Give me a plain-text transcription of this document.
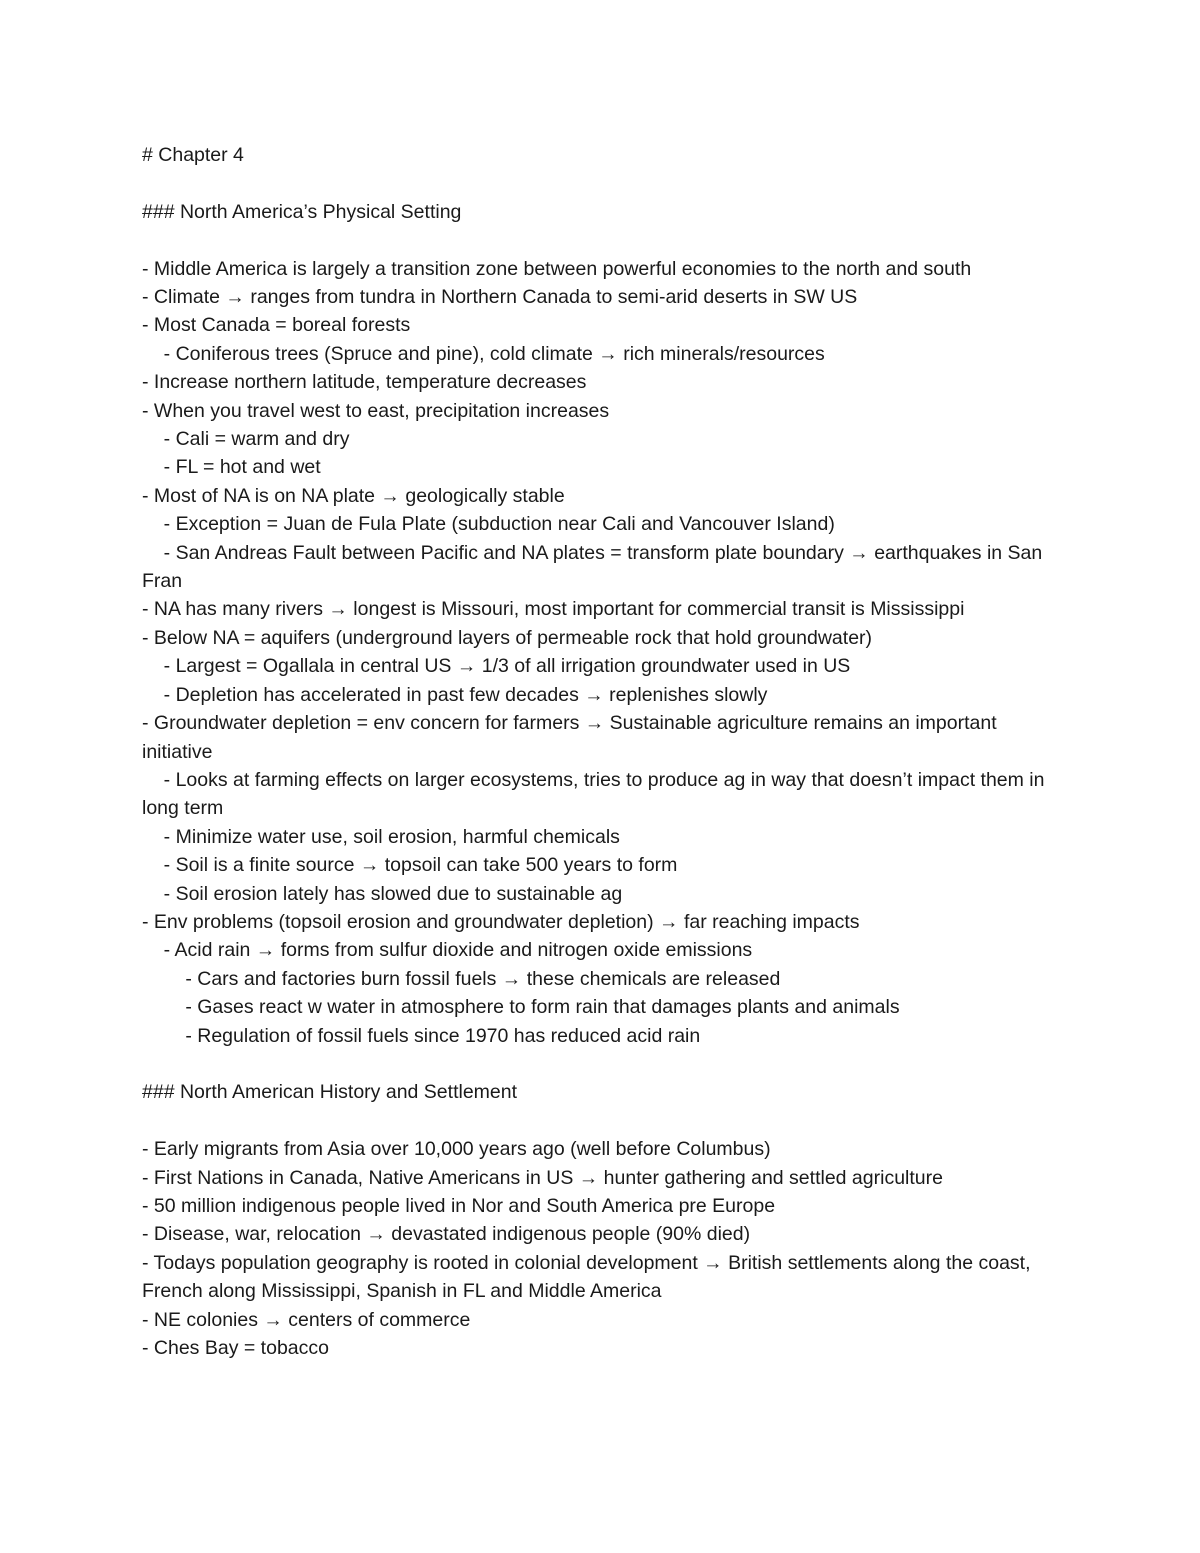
# Chapter 4
### North America’s Physical Setting
- Middle America is largely a transition zone between powerful economies to the north and south
- Climate → ranges from tundra in Northern Canada to semi-arid deserts in SW US
- Most Canada = boreal forests
- Coniferous trees (Spruce and pine), cold climate → rich minerals/resources
- Increase northern latitude, temperature decreases
- When you travel west to east, precipitation increases
- Cali = warm and dry
- FL = hot and wet
- Most of NA is on NA plate → geologically stable
- Exception = Juan de Fula Plate (subduction near Cali and Vancouver Island)
- San Andreas Fault between Pacific and NA plates = transform plate boundary → earthquakes in San Fran
- NA has many rivers → longest is Missouri, most important for commercial transit is Mississippi
- Below NA = aquifers (underground layers of permeable rock that hold groundwater)
- Largest = Ogallala in central US → 1/3 of all irrigation groundwater used in US
- Depletion has accelerated in past few decades → replenishes slowly
- Groundwater depletion = env concern for farmers → Sustainable agriculture remains an important initiative
- Looks at farming effects on larger ecosystems, tries to produce ag in way that doesn’t impact them in long term
- Minimize water use, soil erosion, harmful chemicals
- Soil is a finite source → topsoil can take 500 years to form
- Soil erosion lately has slowed due to sustainable ag
- Env problems (topsoil erosion and groundwater depletion) → far reaching impacts
- Acid rain → forms from sulfur dioxide and nitrogen oxide emissions
- Cars and factories burn fossil fuels → these chemicals are released
- Gases react w water in atmosphere to form rain that damages plants and animals
- Regulation of fossil fuels since 1970 has reduced acid rain
### North American History and Settlement
- Early migrants from Asia over 10,000 years ago (well before Columbus)
- First Nations in Canada, Native Americans in US → hunter gathering and settled agriculture
- 50 million indigenous people lived in Nor and South America pre Europe
- Disease, war, relocation → devastated indigenous people (90% died)
- Todays population geography is rooted in colonial development → British settlements along the coast, French along Mississippi, Spanish in FL and Middle America
- NE colonies → centers of commerce
- Ches Bay = tobacco
